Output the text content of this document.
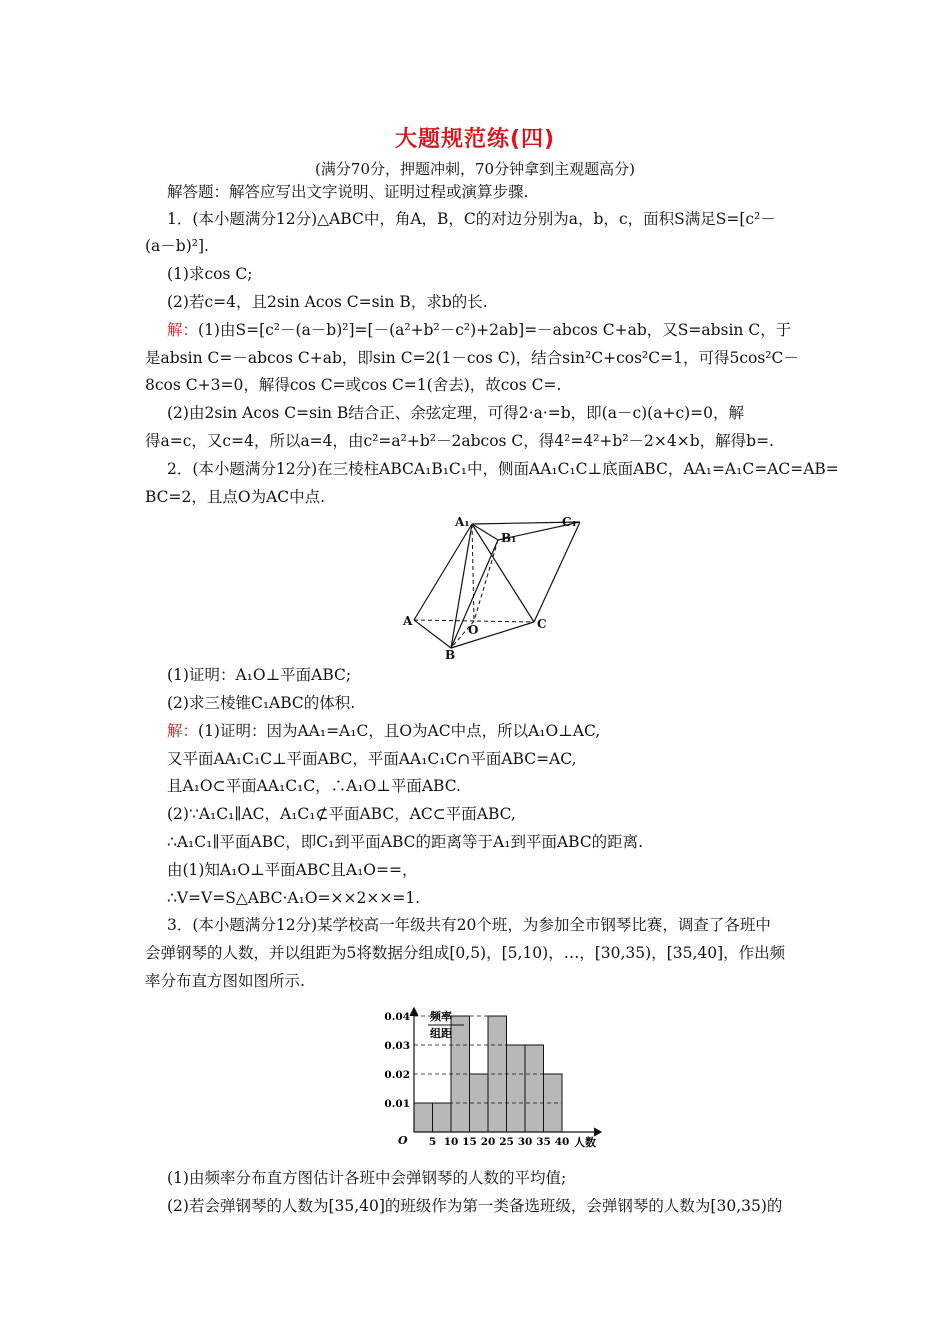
大题规范练(四)
(满分70分，押题冲刺，70分钟拿到主观题高分)
解答题：解答应写出文字说明、证明过程或演算步骤.
1．(本小题满分12分)△ABC中，角A，B，C的对边分别为a，b，c，面积S满足S=[c²－
(a－b)²].
(1)求cos C;
(2)若c=4，且2sin Acos C=sin B，求b的长.
解：(1)由S=[c²－(a－b)²]=[－(a²+b²－c²)+2ab]=－abcos C+ab，又S=absin C，于
是absin C=－abcos C+ab，即sin C=2(1－cos C)，结合sin²C+cos²C=1，可得5cos²C－
8cos C+3=0，解得cos C=或cos C=1(舍去)，故cos C=.
(2)由2sin Acos C=sin B结合正、余弦定理，可得2·a·=b，即(a－c)(a+c)=0，解
得a=c，又c=4，所以a=4，由c²=a²+b²－2abcos C，得4²=4²+b²－2×4×b，解得b=.
2．(本小题满分12分)在三棱柱ABCA₁B₁C₁中，侧面AA₁C₁C⊥底面ABC，AA₁=A₁C=AC=AB=
BC=2，且点O为AC中点.
A₁
B₁
C₁
A
O
B
C
(1)证明：A₁O⊥平面ABC;
(2)求三棱锥C₁ABC的体积.
解：(1)证明：因为AA₁=A₁C，且O为AC中点，所以A₁O⊥AC,
又平面AA₁C₁C⊥平面ABC，平面AA₁C₁C∩平面ABC=AC,
且A₁O⊂平面AA₁C₁C，∴A₁O⊥平面ABC.
(2)∵A₁C₁∥AC，A₁C₁⊄平面ABC，AC⊂平面ABC,
∴A₁C₁∥平面ABC，即C₁到平面ABC的距离等于A₁到平面ABC的距离.
由(1)知A₁O⊥平面ABC且A₁O==，
∴V=V=S△ABC·A₁O=××2××=1.
3．(本小题满分12分)某学校高一年级共有20个班，为参加全市钢琴比赛，调查了各班中
会弹钢琴的人数，并以组距为5将数据分组成[0,5)，[5,10)，…，[30,35)，[35,40]，作出频
率分布直方图如图所示.
频率
组距
人数
O
0.04
0.03
0.02
0.01
5 10 15 20 25 30 35 40
(1)由频率分布直方图估计各班中会弹钢琴的人数的平均值;
(2)若会弹钢琴的人数为[35,40]的班级作为第一类备选班级，会弹钢琴的人数为[30,35)的
